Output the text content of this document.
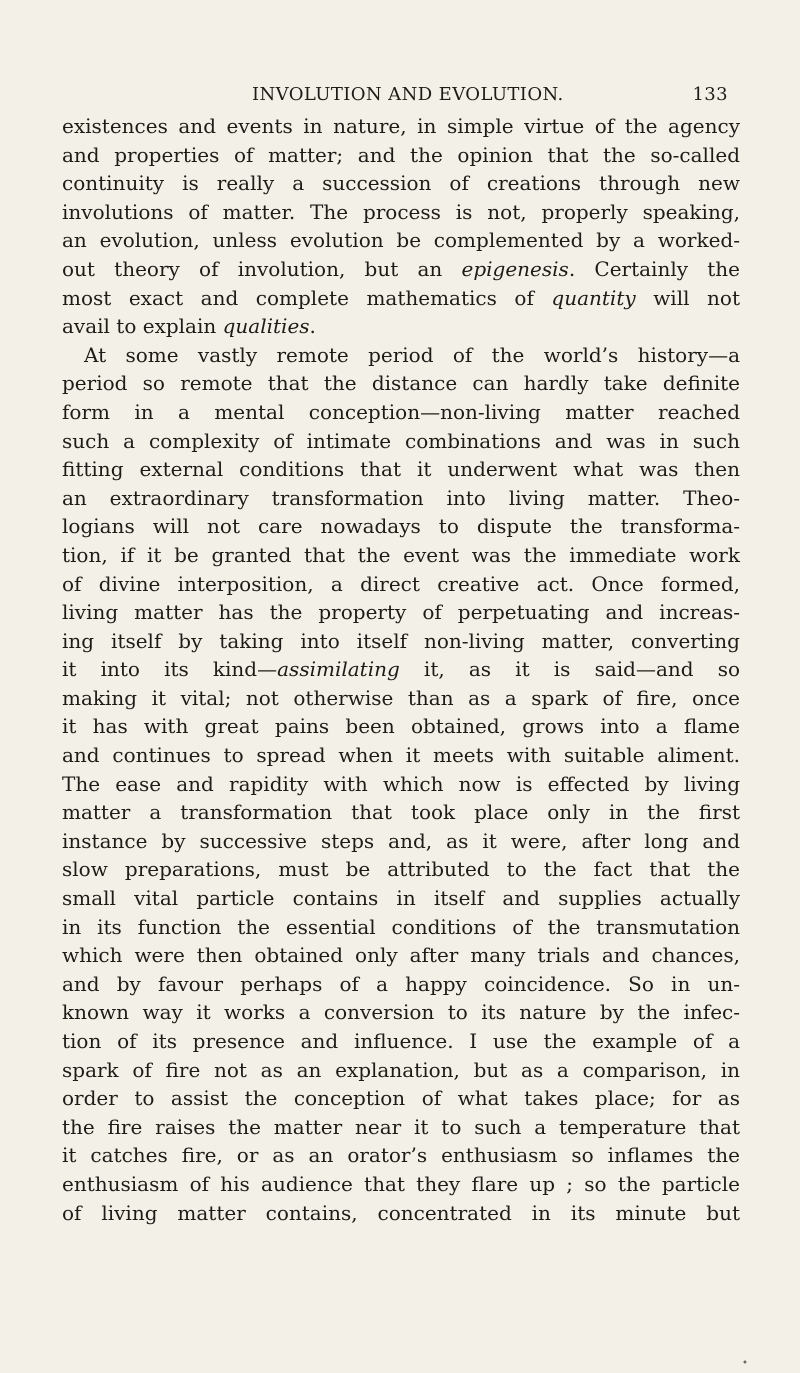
INVOLUTION AND EVOLUTION.	133
existences and events in nature, in simple virtue of the agency
and properties of matter; and the opinion that the so-called
continuity is really a succession of creations through new
involutions of matter. The process is not, properly speaking,
an evolution, unless evolution be complemented by a worked-
out theory of involution, but an epigenesis. Certainly the
most exact and complete mathematics of quantity will not
avail to explain qualities.
At some vastly remote period of the world’s history—a
period so remote that the distance can hardly take definite
form in a mental conception—non-living matter reached
such a complexity of intimate combinations and was in such
fitting external conditions that it underwent what was then
an extraordinary transformation into living matter. Theo-
logians will not care nowadays to dispute the transforma-
tion, if it be granted that the event was the immediate work
of divine interposition, a direct creative act. Once formed,
living matter has the property of perpetuating and increas-
ing itself by taking into itself non-living matter, converting
it into its kind—assimilating it, as it is said—and so
making it vital; not otherwise than as a spark of fire, once
it has with great pains been obtained, grows into a flame
and continues to spread when it meets with suitable aliment.
The ease and rapidity with which now is effected by living
matter a transformation that took place only in the first
instance by successive steps and, as it were, after long and
slow preparations, must be attributed to the fact that the
small vital particle contains in itself and supplies actually
in its function the essential conditions of the transmutation
which were then obtained only after many trials and chances,
and by favour perhaps of a happy coincidence. So in un-
known way it works a conversion to its nature by the infec-
tion of its presence and influence. I use the example of a
spark of fire not as an explanation, but as a comparison, in
order to assist the conception of what takes place; for as
the fire raises the matter near it to such a temperature that
it catches fire, or as an orator’s enthusiasm so inflames the
enthusiasm of his audience that they flare up ; so the particle
of living matter contains, concentrated in its minute but
•
